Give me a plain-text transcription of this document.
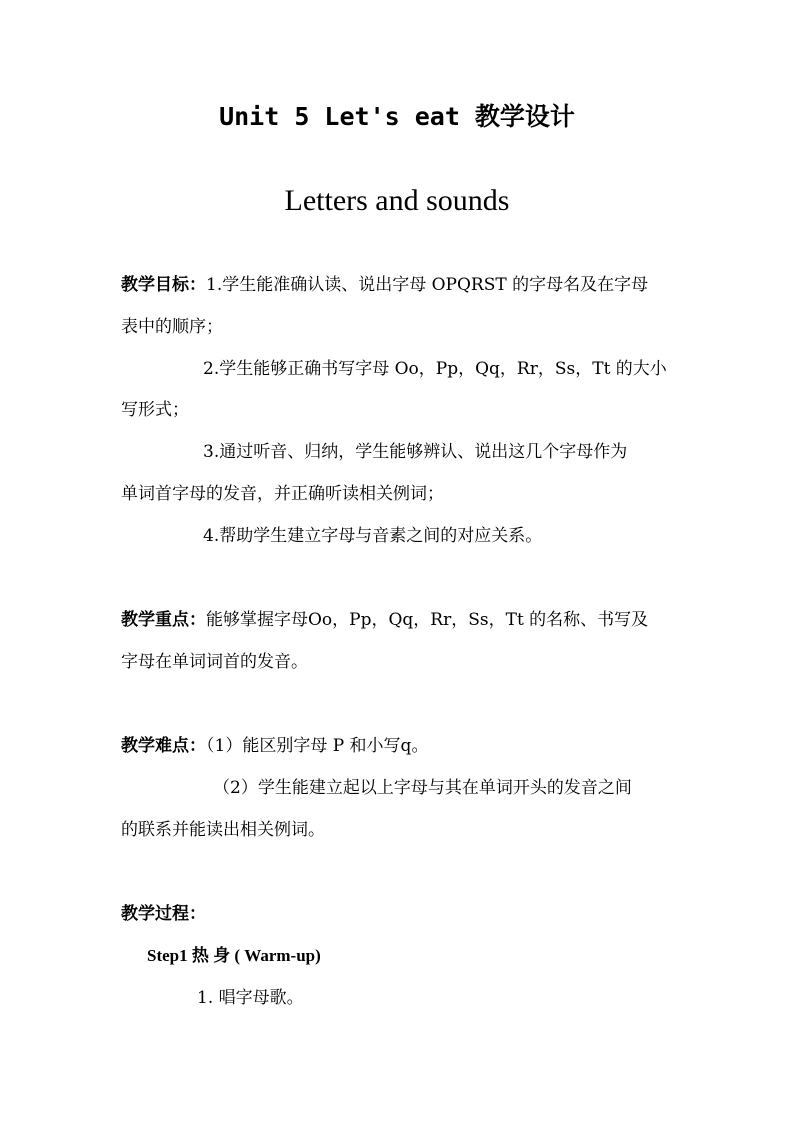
Unit 5 Let's eat 教学设计
Letters and sounds
教学目标：1.学生能准确认读、说出字母 OPQRST 的字母名及在字母
表中的顺序；
2.学生能够正确书写字母 Oo，Pp，Qq，Rr，Ss，Tt 的大小
写形式；
3.通过听音、归纳，学生能够辨认、说出这几个字母作为
单词首字母的发音，并正确听读相关例词；
4.帮助学生建立字母与音素之间的对应关系。
教学重点：能够掌握字母Oo，Pp，Qq，Rr，Ss，Tt 的名称、书写及
字母在单词词首的发音。
教学难点：（1）能区别字母 P 和小写q。
（2）学生能建立起以上字母与其在单词开头的发音之间
的联系并能读出相关例词。
教学过程：
Step1 热 身 ( Warm-up)
1. 唱字母歌。
